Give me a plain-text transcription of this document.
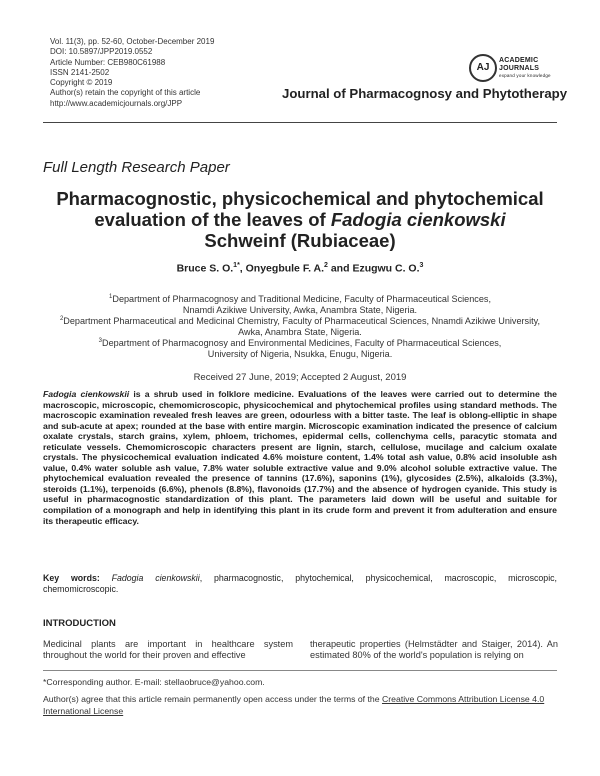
Vol. 11(3), pp. 52-60, October-December 2019
DOI: 10.5897/JPP2019.0552
Article Number: CEB980C61988
ISSN 2141-2502
Copyright © 2019
Author(s) retain the copyright of this article
http://www.academicjournals.org/JPP
AJ
ACADEMIC
JOURNALS
expand your knowledge
Journal of Pharmacognosy and Phytotherapy
Full Length Research Paper
Pharmacognostic, physicochemical and phytochemical
evaluation of the leaves of Fadogia cienkowski
Schweinf (Rubiaceae)
Bruce S. O.$^{1*}$, Onyegbule F. A.$^2$ and Ezugwu C. O.$^3$
$^1$Department of Pharmacognosy and Traditional Medicine, Faculty of Pharmaceutical Sciences,
Nnamdi Azikiwe University, Awka, Anambra State, Nigeria.
$^2$Department Pharmaceutical and Medicinal Chemistry, Faculty of Pharmaceutical Sciences, Nnamdi Azikiwe University,
Awka, Anambra State, Nigeria.
$^3$Department of Pharmacognosy and Environmental Medicines, Faculty of Pharmaceutical Sciences,
University of Nigeria, Nsukka, Enugu, Nigeria.
Received 27 June, 2019; Accepted 2 August, 2019
Fadogia cienkowskii is a shrub used in folklore medicine. Evaluations of the leaves were carried out to determine the macroscopic, microscopic, chemomicroscopic, physicochemical and phytochemical profiles using standard methods. The macroscopic examination revealed fresh leaves are green, odourless with a bitter taste. The leaf is oblong-elliptic in shape and sub-acute at apex; rounded at the base with entire margin. Microscopic examination indicated the presence of calcium oxalate crystals, starch grains, xylem, phloem, trichomes, epidermal cells, collenchyma cells, paracytic stomata and reticulate vessels. Chemomicroscopic characters present are lignin, starch, cellulose, mucilage and calcium oxalate crystals. The physicochemical evaluation indicated 4.6% moisture content, 1.4% total ash value, 0.8% acid insoluble ash value, 0.4% water soluble ash value, 7.8% water soluble extractive value and 9.0% alcohol soluble extractive value. The phytochemical evaluation revealed the presence of tannins (17.6%), saponins (1%), glycosides (2.5%), alkaloids (3.3%), steroids (1.1%), terpenoids (6.6%), phenols (8.8%), flavonoids (17.7%) and the absence of hydrogen cyanide. This study is useful in pharmacognostic standardization of this plant. The parameters laid down will be useful and suitable for compilation of a monograph and help in identifying this plant in its crude form and prevent it from adulteration and ensure its therapeutic efficacy.
Key words: Fadogia cienkowskii, pharmacognostic, phytochemical, physicochemical, macroscopic, microscopic, chemomicroscopic.
INTRODUCTION
Medicinal plants are important in healthcare system throughout the world for their proven and effective
therapeutic properties (Helmstädter and Staiger, 2014). An estimated 80% of the world's population is relying on
*Corresponding author. E-mail: stellaobruce@yahoo.com.
Author(s) agree that this article remain permanently open access under the terms of the Creative Commons Attribution License 4.0 International License
